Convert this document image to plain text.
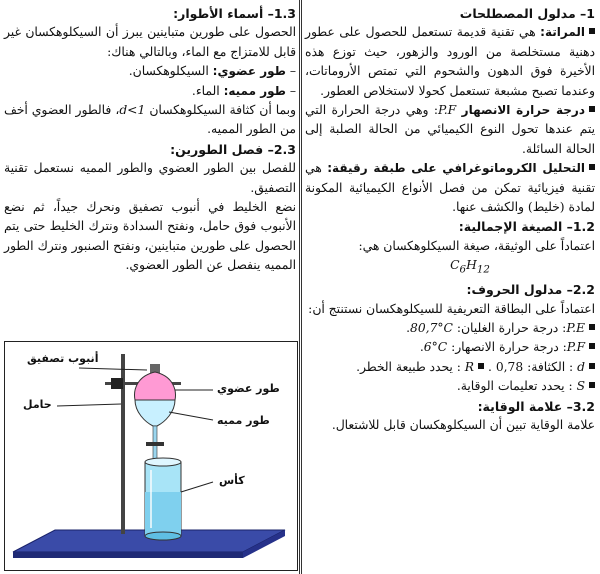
1– مدلول المصطلحات

المراتة: هي تقنية قديمة تستعمل للحصول على عطور دهنية مستخلصة من الورود والزهور، حيث توزع هذه الأخيرة فوق الدهون والشحوم التي تمتص الأروماتات، وعندما تصبح مشبعة تستعمل كحولا لاستخلاص العطور.

درجة حرارة الانصهار P.F: وهي درجة الحرارة التي يتم عندها تحول النوع الكيميائي من الحالة الصلبة إلى الحالة السائلة.

التحليل الكروماتوغرافي على طبقة رقيقة: هي تقنية فيزيائية تمكن من فصل الأنواع الكيميائية المكونة لمادة (خليط) والكشف عنها.

1.2– الصيغة الإجمالية:

اعتماداً على الوثيقة، صيغة السيكلوهكسان هي:

$C_6H_{12}$

2.2– مدلول الحروف:

اعتماداً على البطاقة التعريفية للسيكلوهكسان نستنتج أن:

P.E: درجة حرارة الغليان: 80,7°C.

P.F: درجة حرارة الانصهار: 6°C.

d : الكثافة: 0,78 . R : يحدد طبيعة الخطر.

S : يحدد تعليمات الوقاية.

3.2– علامة الوقاية:

علامة الوقاية تبين أن السيكلوهكسان قابل للاشتعال.

1.3– أسماء الأطوار:

الحصول على طورين متباينين يبرز أن السيكلوهكسان غير قابل للامتزاج مع الماء، وبالتالي هناك:

– طور عضوي: السيكلوهكسان.

– طور مميه: الماء.

وبما أن كثافة السيكلوهكسان d<1، فالطور العضوي أخف من الطور المميه.

2.3– فصل الطورين:

للفصل بين الطور العضوي والطور المميه نستعمل تقنية التصفيق.

نضع الخليط في أنبوب تصفيق ونحرك جيداً، ثم نضع الأنبوب فوق حامل، ونفتح السدادة ونترك الخليط حتى يتم الحصول على طورين متباينين، ونفتح الصنبور ونترك الطور المميه ينفصل عن الطور العضوي.

أنبوب تصفيق
حامل
طور عضوي
طور مميه
كأس
